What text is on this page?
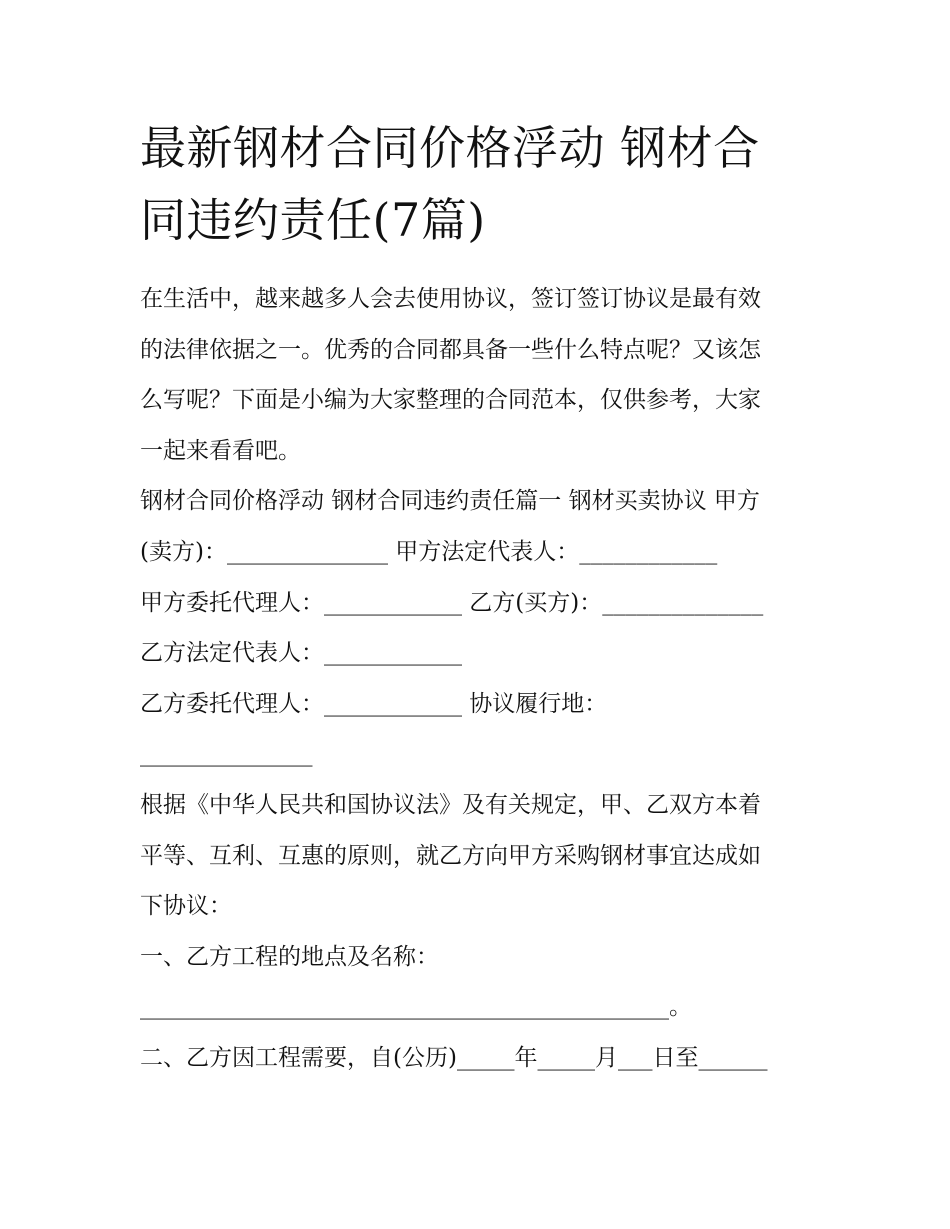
最新钢材合同价格浮动 钢材合
同违约责任(7篇)

在生活中，越来越多人会去使用协议，签订签订协议是最有效
的法律依据之一。优秀的合同都具备一些什么特点呢？又该怎
么写呢？下面是小编为大家整理的合同范本，仅供参考，大家
一起来看看吧。

钢材合同价格浮动 钢材合同违约责任篇一 钢材买卖协议 甲方
(卖方)：______________ 甲方法定代表人：____________
甲方委托代理人：____________ 乙方(买方)：______________
乙方法定代表人：____________
乙方委托代理人：____________ 协议履行地：
_______________

根据《中华人民共和国协议法》及有关规定，甲、乙双方本着
平等、互利、互惠的原则，就乙方向甲方采购钢材事宜达成如
下协议：

一、乙方工程的地点及名称：
______________________________________________。

二、乙方因工程需要，自(公历)_____年_____月___日至______
